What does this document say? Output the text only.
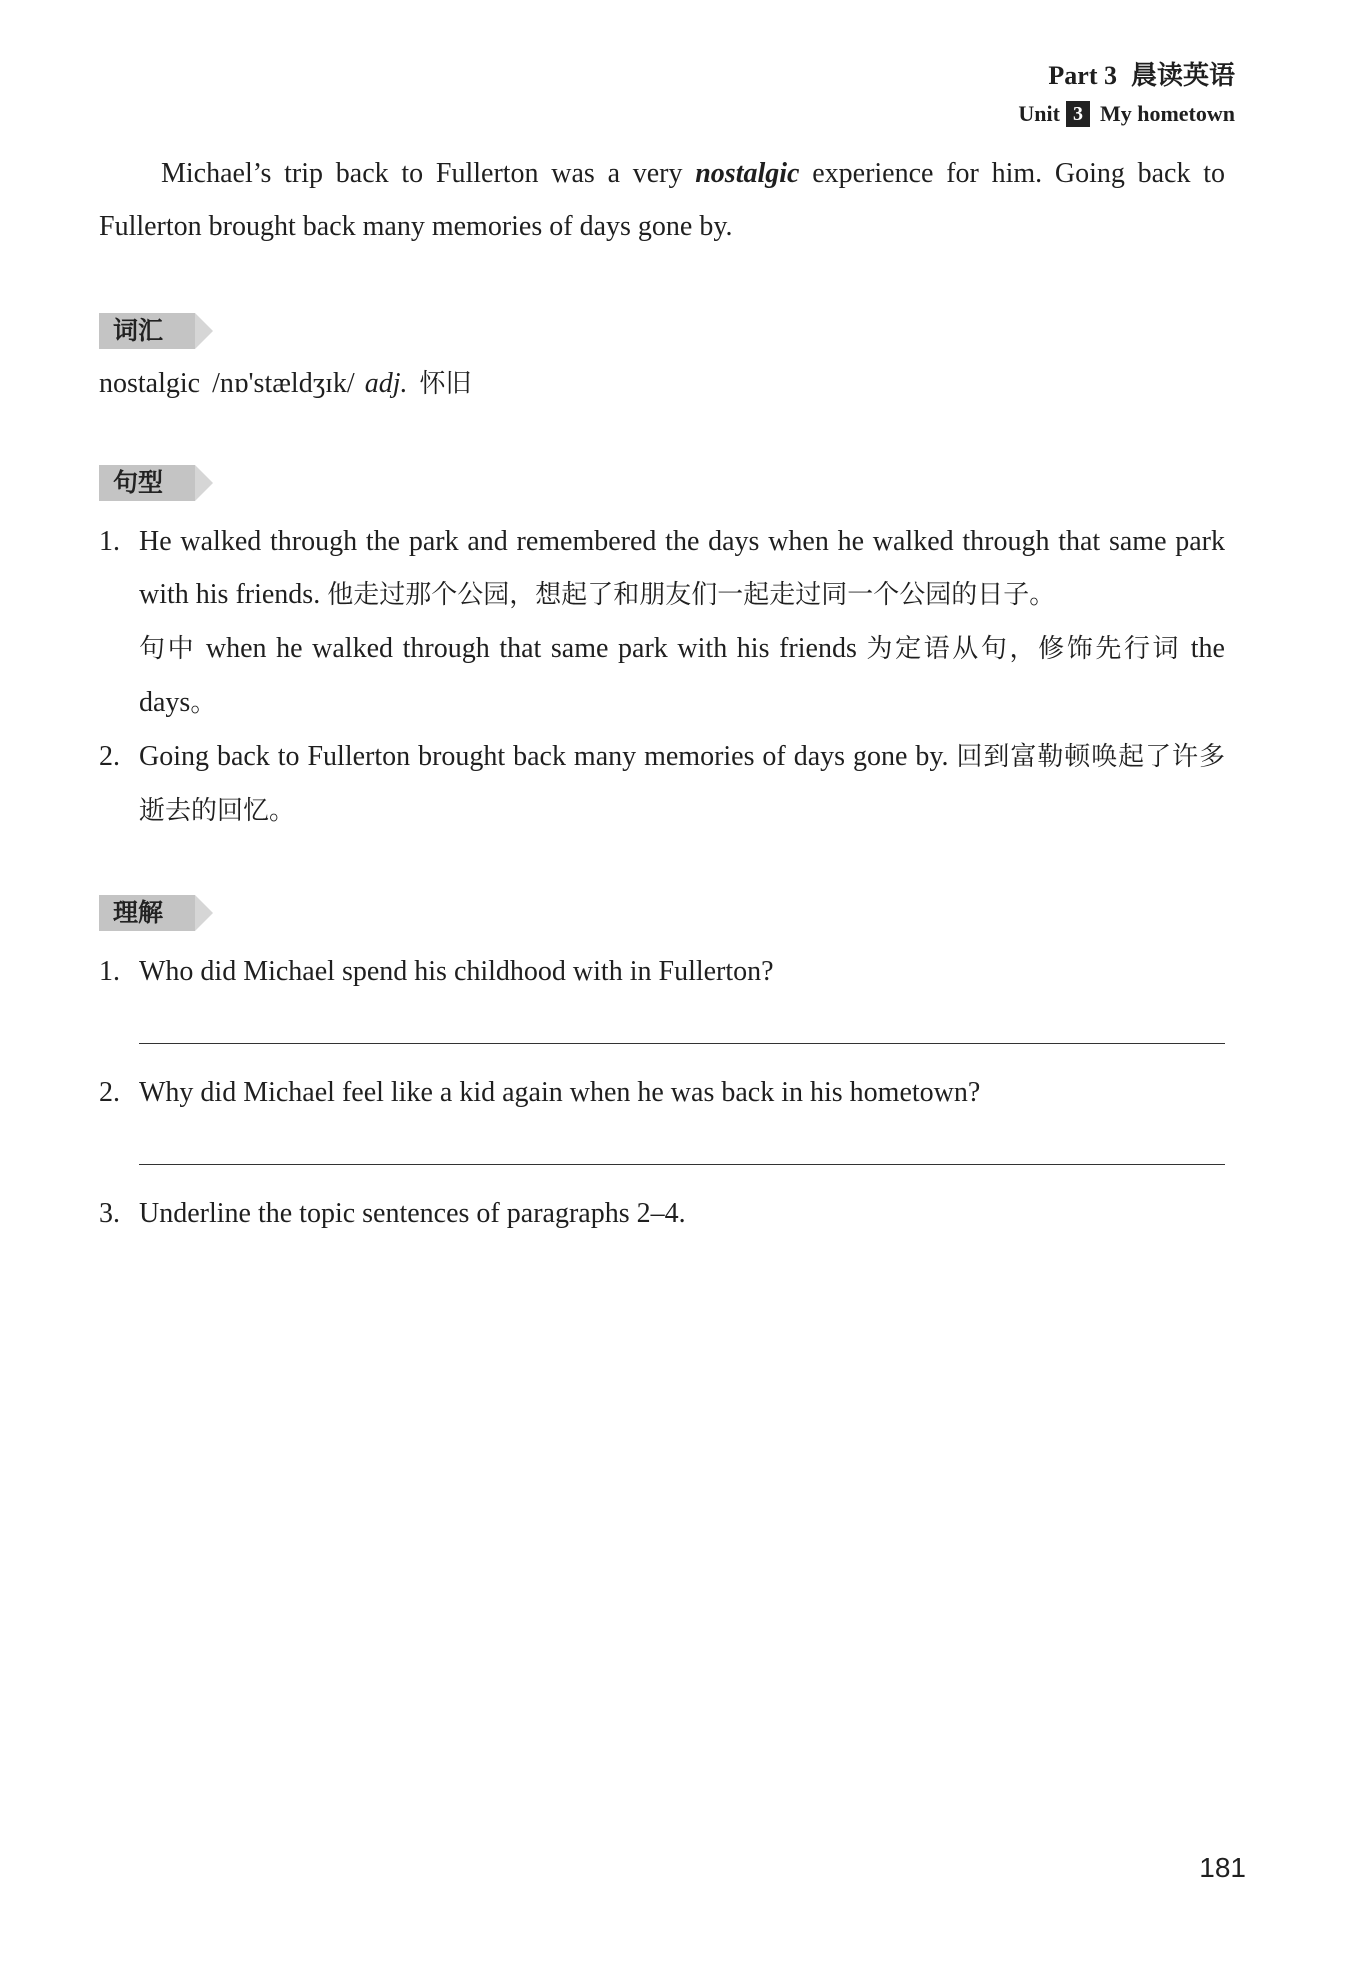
Part 3 晨读英语
Unit 3 My hometown

Michael’s trip back to Fullerton was a very nostalgic experience for him. Going back to Fullerton brought back many memories of days gone by.

词汇

nostalgic /nɒ'stældʒɪk/ adj. 怀旧

句型

1. He walked through the park and remembered the days when he walked through that same park with his friends. 他走过那个公园，想起了和朋友们一起走过同一个公园的日子。

句中 when he walked through that same park with his friends 为定语从句，修饰先行词 the days。

2. Going back to Fullerton brought back many memories of days gone by. 回到富勒顿唤起了许多逝去的回忆。

理解

1. Who did Michael spend his childhood with in Fullerton?

2. Why did Michael feel like a kid again when he was back in his hometown?

3. Underline the topic sentences of paragraphs 2–4.

181
